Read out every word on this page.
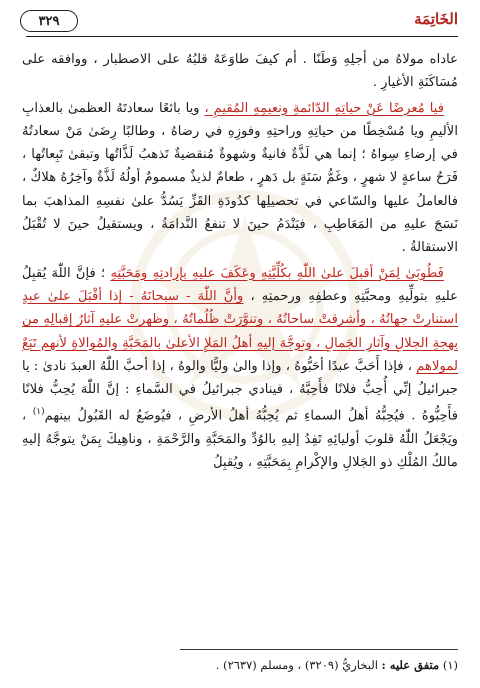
٣٢٩	الخَاتِمَة

عاداه مولاهُ من أجلِهِ وَطَنًا . أم كيفَ طاوَعَهُ قلبُهُ على الاصطبار ، ووافقه على مُسَاكَنَةِ الأغيارِ .

فيا مُعرضًا عَنْ حياتِهِ الدّائمةِ ونعيمِهِ المُقيمِ ، ويا بائعًا سعادتَهُ العظمىٰ بالعذابِ الأليمِ ويا مُسْخِطًا من حياتِهِ وراحتِهِ وفوزِهِ في رضاهُ ، وطالبًا رِضَىٰ مَنْ سعادتُهُ في إرضاءِ سِواهُ ؛ إنما هي لَذَّةٌ فانيةٌ وشهوةٌ مُنقضيةٌ تَذهبُ لَذَّاتُها وتبقىٰ تَبِعاتُها ، فَرَحُ ساعةٍ لا شهرٍ ، وغَمُّ سَنَةٍ بل دَهرٍ ، طعامٌ لذيذٌ مسمومٌ أولُهُ لَذَّةٌ وآخِرُهُ هلاكٌ ، فالعاملُ عليها والسّاعي في تحصيلِها كدُودَةِ القَزِّ يَسُدُّ علىٰ نفسِهِ المذاهبَ بما نَسَجَ عليهِ من المَعَاطِبِ ، فيَنْدَمُ حينَ لا تنفعُ النَّدامَةُ ، ويستقيلُ حينَ لا تُقْبَلُ الاستقالةُ .

فَطُوبَىٰ لِمَنْ أقبلَ علىٰ اللّٰهِ بكُلِّيَّتِهِ وعَكَفَ عليهِ بإرادتِهِ ومَحَبَّتِهِ ؛ فإنَّ اللّٰهَ يُقبِلُ عليهِ بتولِّيهِ ومحبَّتِهِ وعطفِهِ ورحمتِهِ ، وأنَّ اللّٰهَ - سبحانَهُ - إذا أقْبَلَ علىٰ عبدٍ استنارتْ جهاتُهُ ، وأشرقتْ ساحاتُهُ ، وتنوَّرَتْ ظُلُماتُهُ ، وظهرتْ عليهِ آثارُ إقبالِهِ من بهجةِ الجلالِ وآثارِ الجَمالِ ، وتوجَّهَ إليهِ أهلُ المَلإِ الأعلىٰ بالمَحَبَّةِ والمُوالاةِ لأنهم تَبَعٌ لمولاهم ، فإذا أَحَبَّ عبدًا أحَبُّوهُ ، وإذا والىٰ وليًّا والوهُ ، إذا أحبَّ اللّٰهُ العبدَ نادىٰ : يا جبرائيلُ إنِّي أُحِبُّ فلانًا فأَحِبَّهُ ، فينادي جبرائيلُ في السَّماءِ : إنَّ اللّٰهَ يُحِبُّ فلانًا فأَحِبُّوهُ . فيُحِبُّهُ أهلُ السماءِ ثم يُحِبُّهُ أهلُ الأرضِ ، فيُوضَعُ له القَبُولُ بينهم$^{(١)}$ ، ويَجْعَلُ اللّٰهُ قلوبَ أوليائِهِ تَفِدُ إليهِ بالوُدِّ والمَحَبَّةِ والرَّحْمَةِ ، وناهِيكَ بِمَنْ يتوجَّهُ إليهِ مالكُ المُلْكِ ذو الجَلالِ والإكْرامِ بِمَحَبَّتِهِ ، ويُقبِلُ

(١) متفق عليه : البخاريُّ (٣٢٠٩) ، ومسلم (٢٦٣٧) .
